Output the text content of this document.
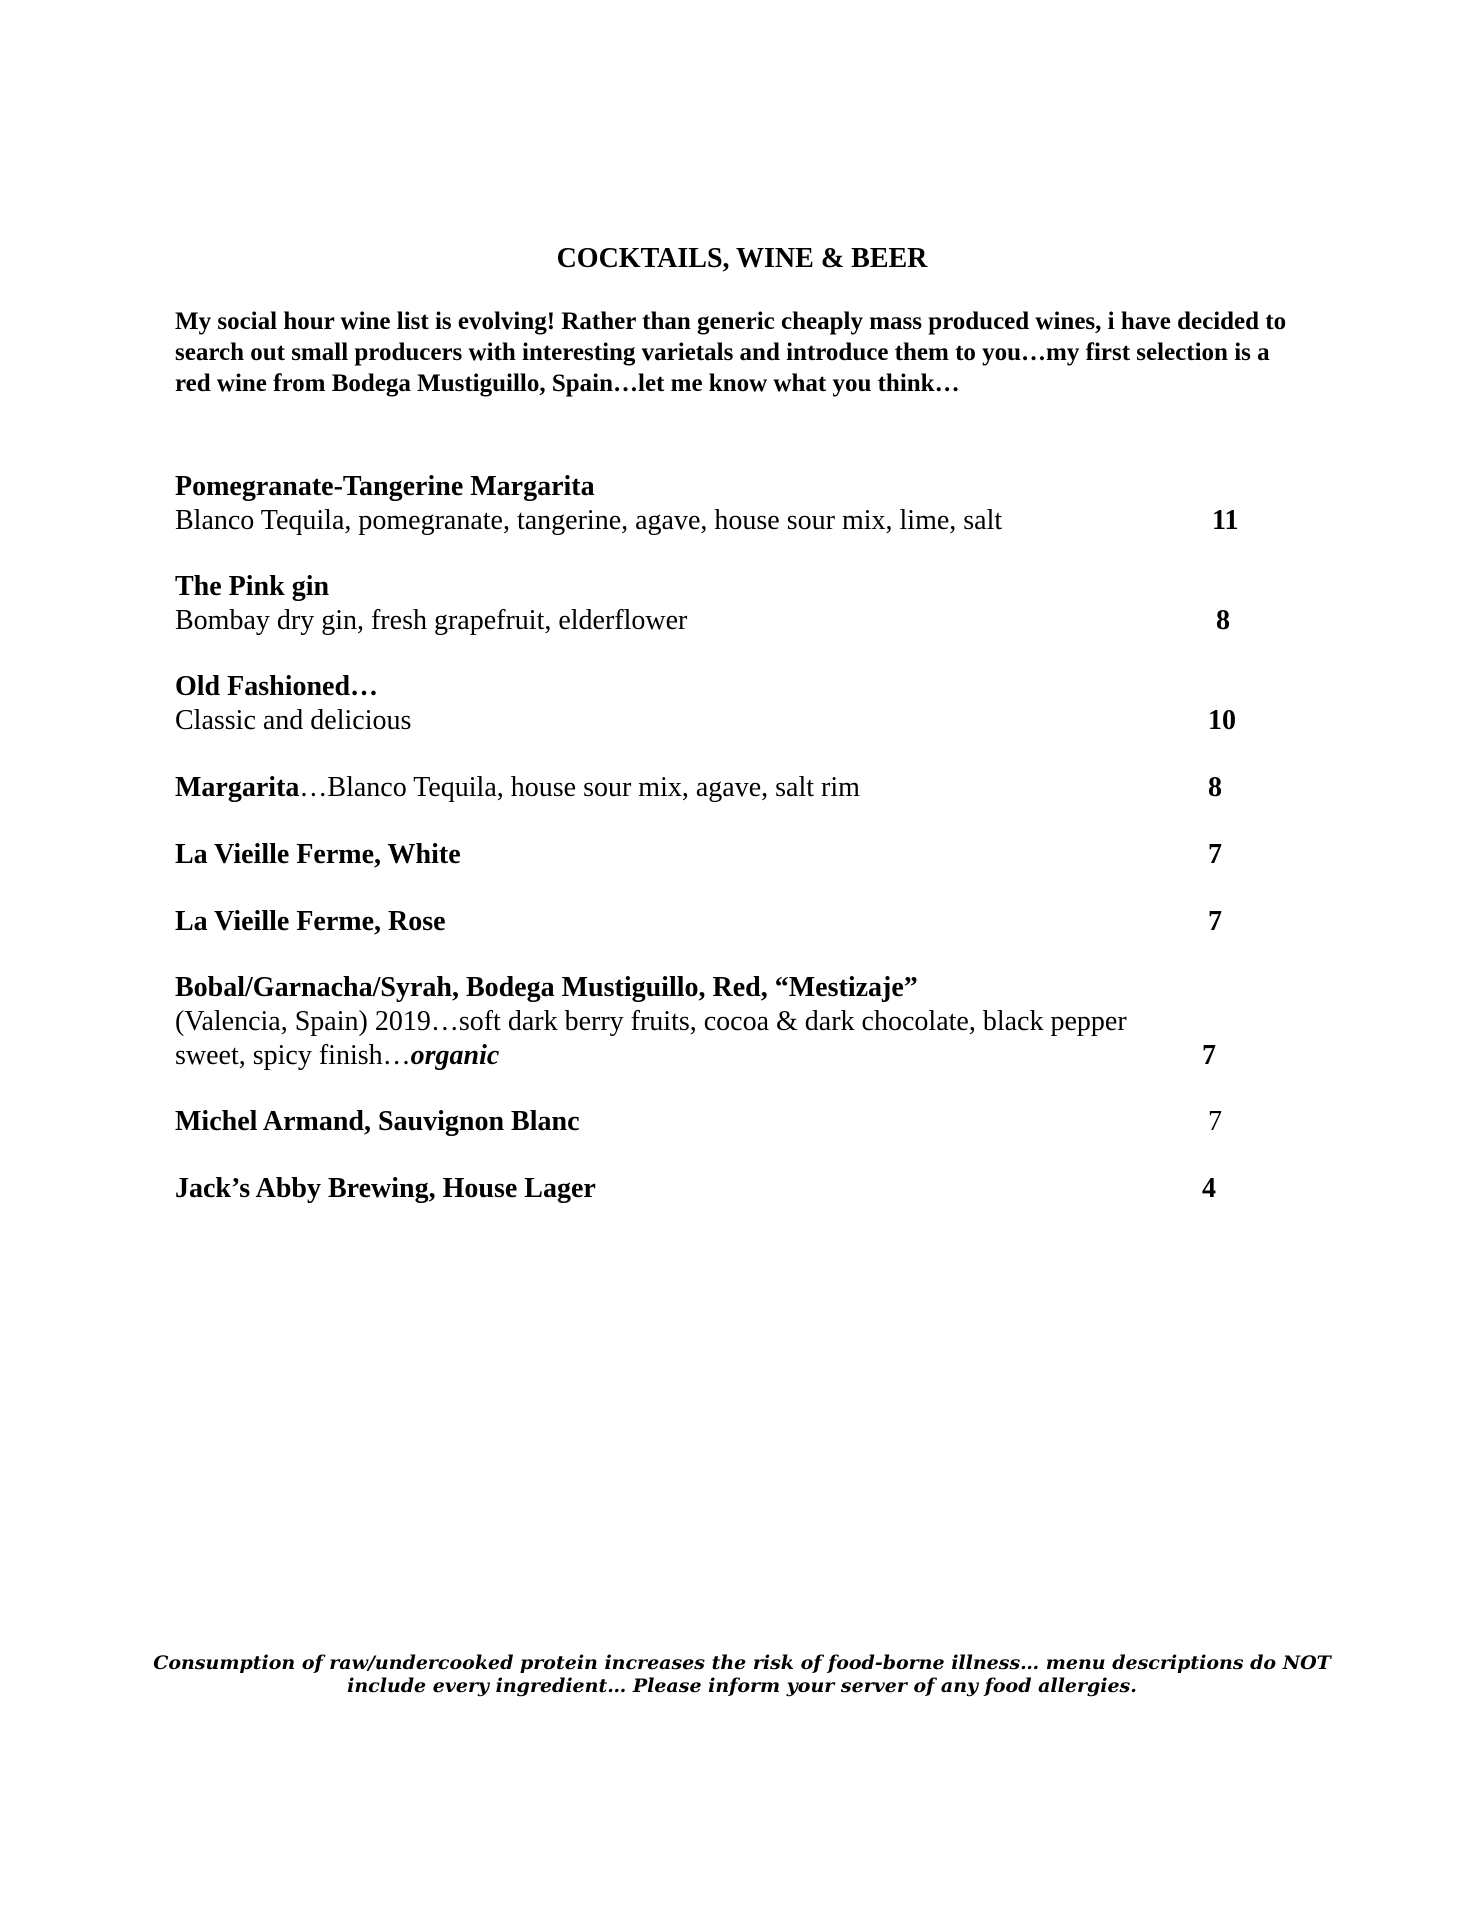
COCKTAILS, WINE & BEER
My social hour wine list is evolving! Rather than generic cheaply mass produced wines, i have decided to search out small producers with interesting varietals and introduce them to you…my first selection is a red wine from Bodega Mustiguillo, Spain…let me know what you think…
Pomegranate-Tangerine Margarita
Blanco Tequila, pomegranate, tangerine, agave, house sour mix, lime, salt	11
The Pink gin
Bombay dry gin, fresh grapefruit, elderflower	8
Old Fashioned…
Classic and delicious	10
Margarita…Blanco Tequila, house sour mix, agave, salt rim	8
La Vieille Ferme, White	7
La Vieille Ferme, Rose	7
Bobal/Garnacha/Syrah, Bodega Mustiguillo, Red, “Mestizaje”
(Valencia, Spain) 2019…soft dark berry fruits, cocoa & dark chocolate, black pepper
sweet, spicy finish…organic	7
Michel Armand, Sauvignon Blanc	7
Jack’s Abby Brewing, House Lager	4
Consumption of raw/undercooked protein increases the risk of food-borne illness… menu descriptions do NOT
include every ingredient… Please inform your server of any food allergies.
